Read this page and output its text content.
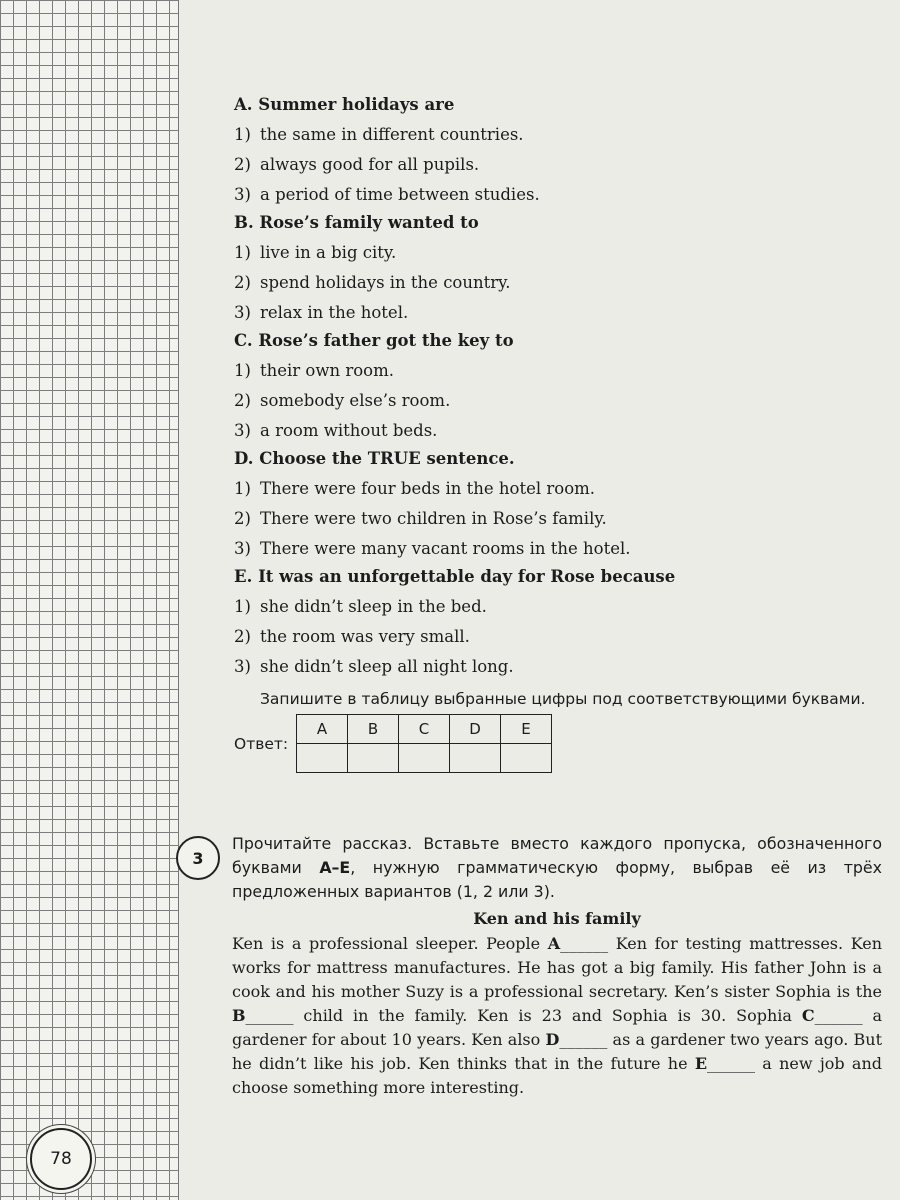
78
A. Summer holidays are
1) the same in different countries.
2) always good for all pupils.
3) a period of time between studies.
B. Rose’s family wanted to
1) live in a big city.
2) spend holidays in the country.
3) relax in the hotel.
C. Rose’s father got the key to
1) their own room.
2) somebody else’s room.
3) a room without beds.
D. Choose the TRUE sentence.
1) There were four beds in the hotel room.
2) There were two children in Rose’s family.
3) There were many vacant rooms in the hotel.
E. It was an unforgettable day for Rose because
1) she didn’t sleep in the bed.
2) the room was very small.
3) she didn’t sleep all night long.
Запишите в таблицу выбранные цифры под соответствующими буквами.
Ответ:
A	B	C	D	E

3
Прочитайте рассказ. Вставьте вместо каждого пропуска, обозначенного буквами A–E, нужную грамматическую форму, выбрав её из трёх предложенных вариантов (1, 2 или 3).
Ken and his family
Ken is a professional sleeper. People A______ Ken for testing mattresses. Ken works for mattress manufactures. He has got a big family. His father John is a cook and his mother Suzy is a professional secretary. Ken’s sister Sophia is the B______ child in the family. Ken is 23 and Sophia is 30. Sophia C______ a gardener for about 10 years. Ken also D______ as a gardener two years ago. But he didn’t like his job. Ken thinks that in the future he E______ a new job and choose something more interesting.
